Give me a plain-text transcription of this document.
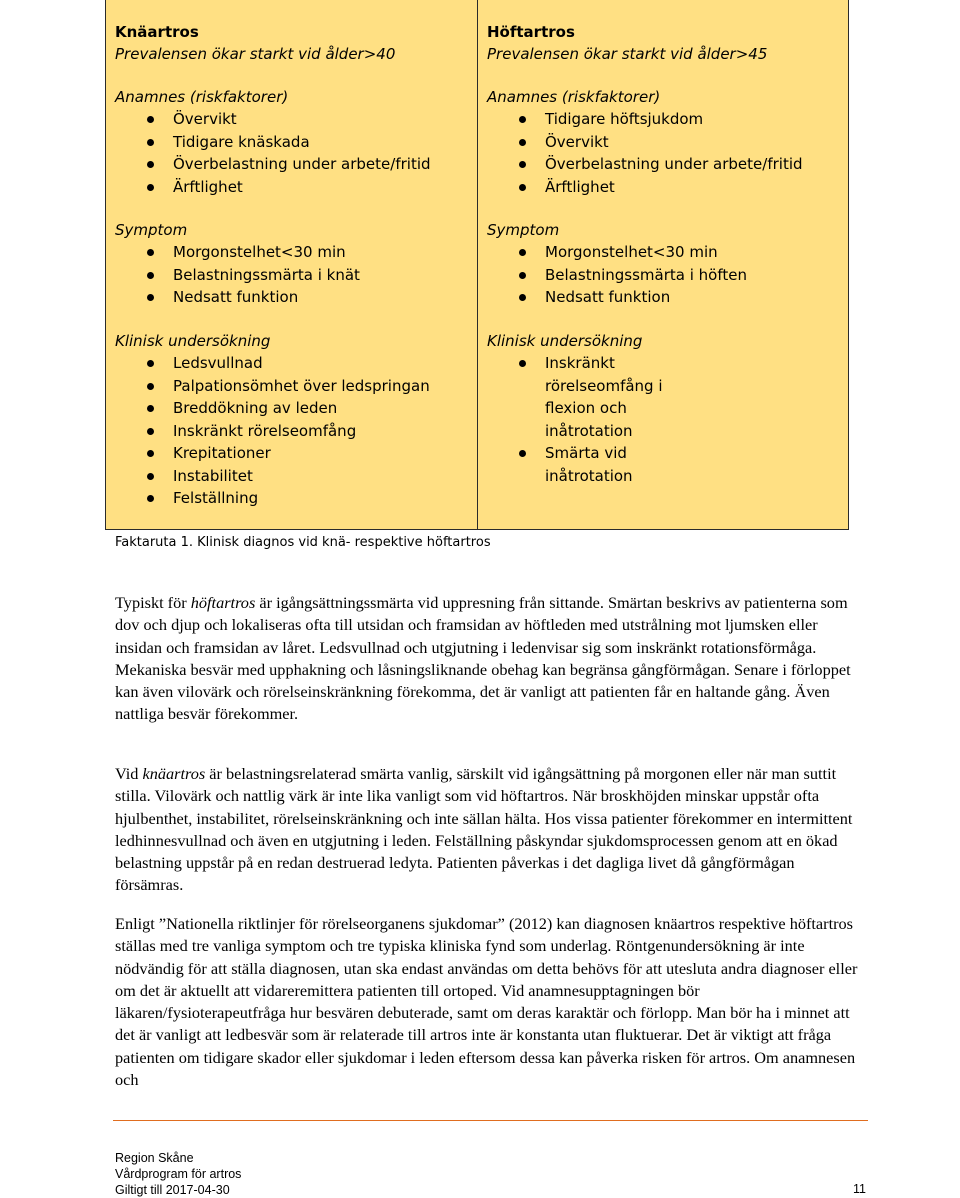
Knäartros
Prevalensen ökar starkt vid ålder>40
Anamnes (riskfaktorer)
Övervikt
Tidigare knäskada
Överbelastning under arbete/fritid
Ärftlighet
Symptom
Morgonstelhet<30 min
Belastningssmärta i knät
Nedsatt funktion
Klinisk undersökning
Ledsvullnad
Palpationsömhet över ledspringan
Breddökning av leden
Inskränkt rörelseomfång
Krepitationer
Instabilitet
Felställning
Höftartros
Prevalensen ökar starkt vid ålder>45
Anamnes (riskfaktorer)
Tidigare höftsjukdom
Övervikt
Överbelastning under arbete/fritid
Ärftlighet
Symptom
Morgonstelhet<30 min
Belastningssmärta i höften
Nedsatt funktion
Klinisk undersökning
Inskränkt rörelseomfång i flexion och inåtrotation
Smärta vid inåtrotation
Faktaruta 1. Klinisk diagnos vid knä- respektive höftartros

Typiskt för höftartros är igångsättningssmärta vid uppresning från sittande. Smärtan beskrivs av patienterna som dov och djup och lokaliseras ofta till utsidan och framsidan av höftleden med utstrålning mot ljumsken eller insidan och framsidan av låret. Ledsvullnad och utgjutning i ledenvisar sig som inskränkt rotationsförmåga. Mekaniska besvär med upphakning och låsningsliknande obehag kan begränsa gångförmågan. Senare i förloppet kan även vilovärk och rörelseinskränkning förekomma, det är vanligt att patienten får en haltande gång. Även nattliga besvär förekommer.

Vid knäartros är belastningsrelaterad smärta vanlig, särskilt vid igångsättning på morgonen eller när man suttit stilla. Vilovärk och nattlig värk är inte lika vanligt som vid höftartros. När broskhöjden minskar uppstår ofta hjulbenthet, instabilitet, rörelseinskränkning och inte sällan hälta. Hos vissa patienter förekommer en intermittent ledhinnesvullnad och även en utgjutning i leden. Felställning påskyndar sjukdomsprocessen genom att en ökad belastning uppstår på en redan destruerad ledyta. Patienten påverkas i det dagliga livet då gångförmågan försämras.

Enligt ”Nationella riktlinjer för rörelseorganens sjukdomar” (2012) kan diagnosen knäartros respektive höftartros ställas med tre vanliga symptom och tre typiska kliniska fynd som underlag. Röntgenundersökning är inte nödvändig för att ställa diagnosen, utan ska endast användas om detta behövs för att utesluta andra diagnoser eller om det är aktuellt att vidareremittera patienten till ortoped. Vid anamnesupptagningen bör läkaren/fysioterapeutfråga hur besvären debuterade, samt om deras karaktär och förlopp. Man bör ha i minnet att det är vanligt att ledbesvär som är relaterade till artros inte är konstanta utan fluktuerar. Det är viktigt att fråga patienten om tidigare skador eller sjukdomar i leden eftersom dessa kan påverka risken för artros. Om anamnesen och

Region Skåne
Vårdprogram för artros
Giltigt till 2017-04-30	11
